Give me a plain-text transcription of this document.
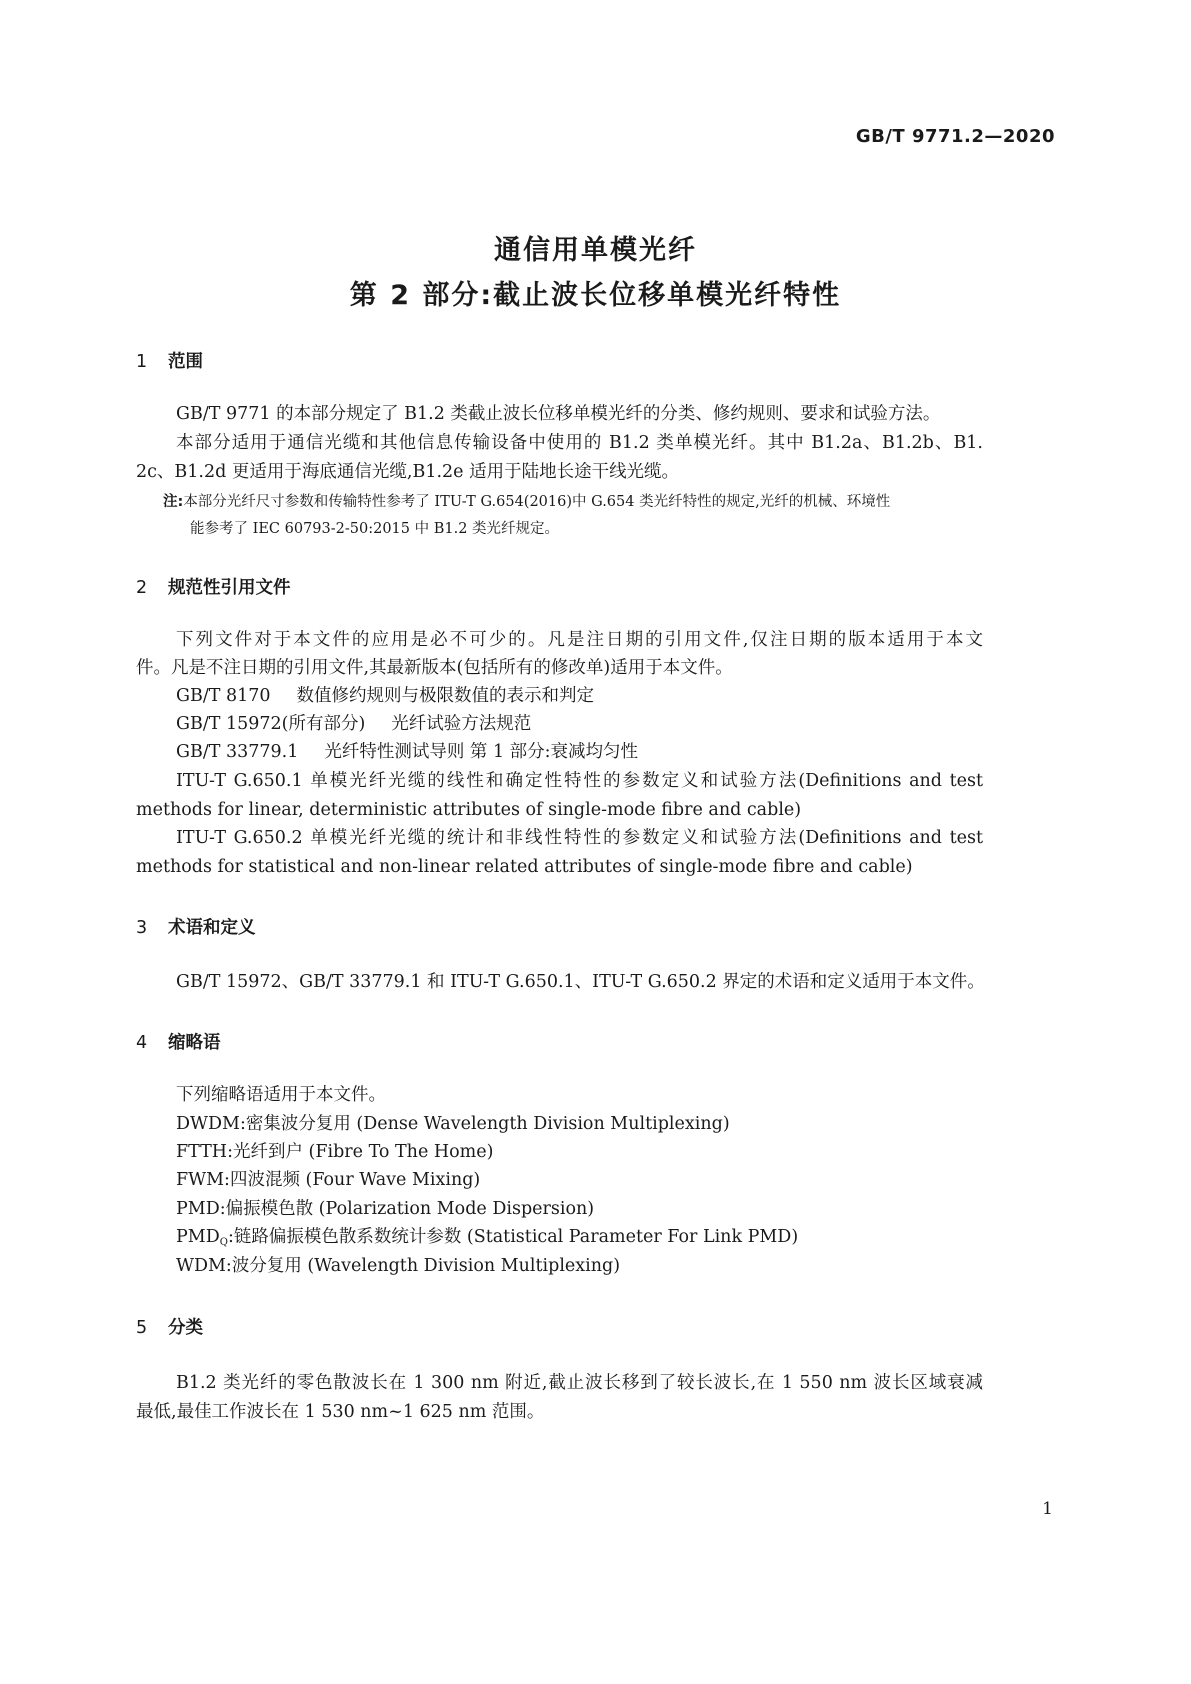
GB/T 9771.2—2020
通信用单模光纤
第 2 部分:截止波长位移单模光纤特性
1 范围
GB/T 9771 的本部分规定了 B1.2 类截止波长位移单模光纤的分类、修约规则、要求和试验方法。
本部分适用于通信光缆和其他信息传输设备中使用的 B1.2 类单模光纤。其中 B1.2a、B1.2b、B1.
2c、B1.2d 更适用于海底通信光缆,B1.2e 适用于陆地长途干线光缆。
注:本部分光纤尺寸参数和传输特性参考了 ITU-T G.654(2016)中 G.654 类光纤特性的规定,光纤的机械、环境性
能参考了 IEC 60793-2-50:2015 中 B1.2 类光纤规定。
2 规范性引用文件
下列文件对于本文件的应用是必不可少的。凡是注日期的引用文件,仅注日期的版本适用于本文
件。凡是不注日期的引用文件,其最新版本(包括所有的修改单)适用于本文件。
GB/T 8170 数值修约规则与极限数值的表示和判定
GB/T 15972(所有部分) 光纤试验方法规范
GB/T 33779.1 光纤特性测试导则 第 1 部分:衰减均匀性
ITU-T G.650.1 单模光纤光缆的线性和确定性特性的参数定义和试验方法(Definitions and test
methods for linear, deterministic attributes of single-mode fibre and cable)
ITU-T G.650.2 单模光纤光缆的统计和非线性特性的参数定义和试验方法(Definitions and test
methods for statistical and non-linear related attributes of single-mode fibre and cable)
3 术语和定义
GB/T 15972、GB/T 33779.1 和 ITU-T G.650.1、ITU-T G.650.2 界定的术语和定义适用于本文件。
4 缩略语
下列缩略语适用于本文件。
DWDM:密集波分复用 (Dense Wavelength Division Multiplexing)
FTTH:光纤到户 (Fibre To The Home)
FWM:四波混频 (Four Wave Mixing)
PMD:偏振模色散 (Polarization Mode Dispersion)
$PMD_Q$:链路偏振模色散系数统计参数 (Statistical Parameter For Link PMD)
WDM:波分复用 (Wavelength Division Multiplexing)
5 分类
B1.2 类光纤的零色散波长在 1 300 nm 附近,截止波长移到了较长波长,在 1 550 nm 波长区域衰减
最低,最佳工作波长在 1 530 nm~1 625 nm 范围。
1
